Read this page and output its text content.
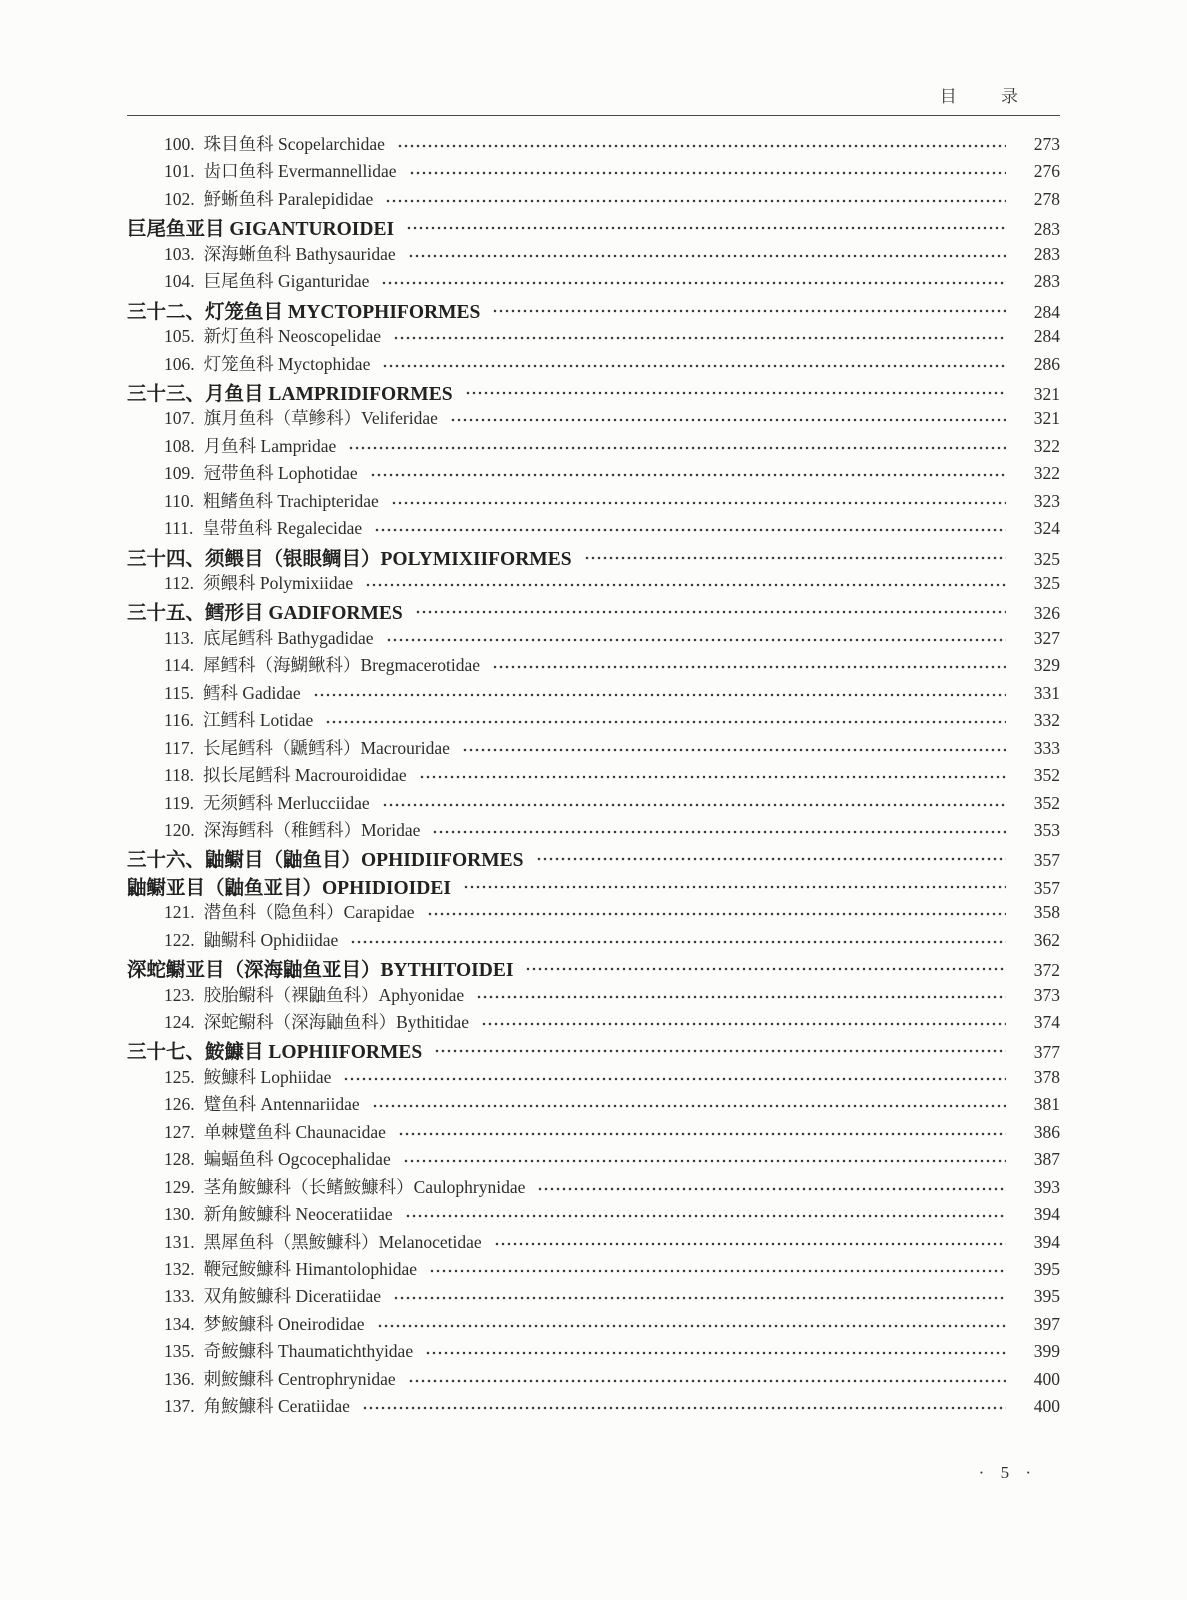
目 录
100. 珠目鱼科 Scopelarchidae	273
101. 齿口鱼科 Evermannellidae	276
102. 魣蜥鱼科 Paralepididae	278
巨尾鱼亚目 GIGANTUROIDEI	283
103. 深海蜥鱼科 Bathysauridae	283
104. 巨尾鱼科 Giganturidae	283
三十二、灯笼鱼目 MYCTOPHIFORMES	284
105. 新灯鱼科 Neoscopelidae	284
106. 灯笼鱼科 Myctophidae	286
三十三、月鱼目 LAMPRIDIFORMES	321
107. 旗月鱼科（草鲹科）Veliferidae	321
108. 月鱼科 Lampridae	322
109. 冠带鱼科 Lophotidae	322
110. 粗鳍鱼科 Trachipteridae	323
111. 皇带鱼科 Regalecidae	324
三十四、须鳂目（银眼鲷目）POLYMIXIIFORMES	325
112. 须鳂科 Polymixiidae	325
三十五、鳕形目 GADIFORMES	326
113. 底尾鳕科 Bathygadidae	327
114. 犀鳕科（海鰗鳅科）Bregmacerotidae	329
115. 鳕科 Gadidae	331
116. 江鳕科 Lotidae	332
117. 长尾鳕科（鼶鳕科）Macrouridae	333
118. 拟长尾鳕科 Macrouroididae	352
119. 无须鳕科 Merlucciidae	352
120. 深海鳕科（稚鳕科）Moridae	353
三十六、鼬鳚目（鼬鱼目）OPHIDIIFORMES	357
鼬鳚亚目（鼬鱼亚目）OPHIDIOIDEI	357
121. 潜鱼科（隐鱼科）Carapidae	358
122. 鼬鳚科 Ophidiidae	362
深蛇鳚亚目（深海鼬鱼亚目）BYTHITOIDEI	372
123. 胶胎鳚科（裸鼬鱼科）Aphyonidae	373
124. 深蛇鳚科（深海鼬鱼科）Bythitidae	374
三十七、鮟鱇目 LOPHIIFORMES	377
125. 鮟鱇科 Lophiidae	378
126. 躄鱼科 Antennariidae	381
127. 单棘躄鱼科 Chaunacidae	386
128. 蝙蝠鱼科 Ogcocephalidae	387
129. 茎角鮟鱇科（长鳍鮟鱇科）Caulophrynidae	393
130. 新角鮟鱇科 Neoceratiidae	394
131. 黑犀鱼科（黑鮟鱇科）Melanocetidae	394
132. 鞭冠鮟鱇科 Himantolophidae	395
133. 双角鮟鱇科 Diceratiidae	395
134. 梦鮟鱇科 Oneirodidae	397
135. 奇鮟鱇科 Thaumatichthyidae	399
136. 刺鮟鱇科 Centrophrynidae	400
137. 角鮟鱇科 Ceratiidae	400
· 5 ·
